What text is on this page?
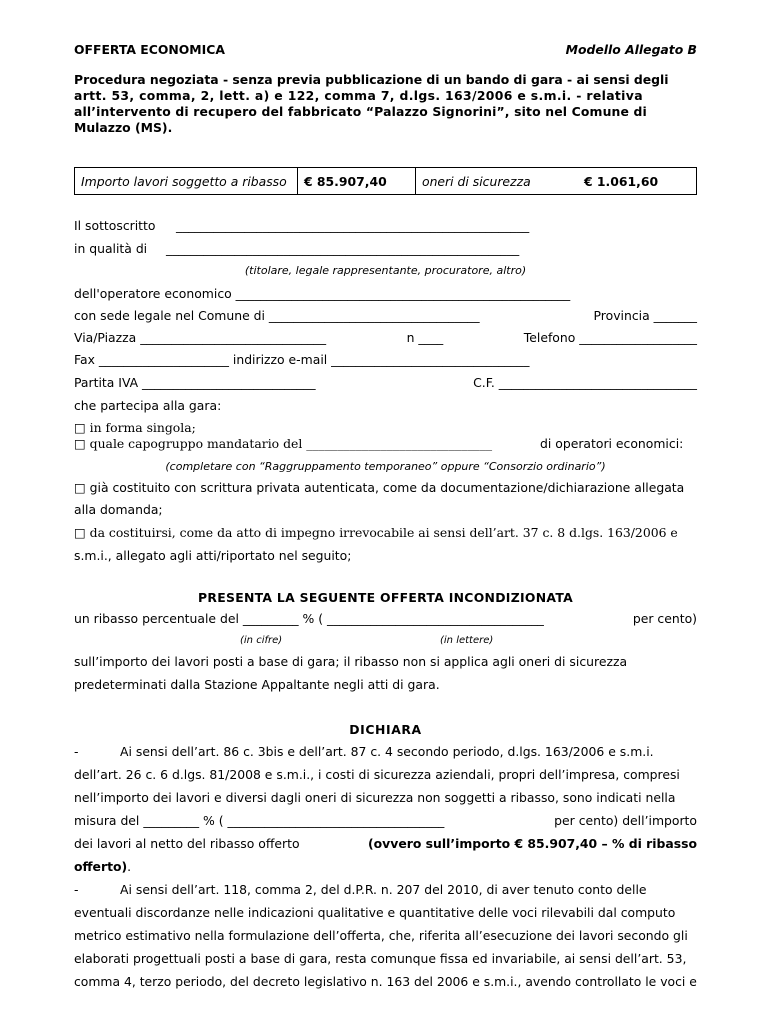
OFFERTA ECONOMICA	Modello Allegato B
Procedura negoziata - senza previa pubblicazione di un bando di gara - ai sensi degli
artt. 53, comma, 2, lett. a) e 122, comma 7, d.lgs. 163/2006 e s.m.i. - relativa
all’intervento di recupero del fabbricato “Palazzo Signorini”, sito nel Comune di
Mulazzo (MS).
Importo lavori soggetto a ribasso	€ 85.907,40	oneri di sicurezza	€ 1.061,60
Il sottoscritto _________________________________________________________
in qualità di _________________________________________________________
(titolare, legale rappresentante, procuratore, altro)
dell'operatore economico ______________________________________________________
con sede legale nel Comune di __________________________________	Provincia _______
Via/Piazza ______________________________	n ____	Telefono ___________________
Fax _____________________ indirizzo e-mail ________________________________
Partita IVA ____________________________	C.F. ________________________________
che partecipa alla gara:
□ in forma singola;
□ quale capogruppo mandatario del ______________________________	di operatori economici:
(completare con “Raggruppamento temporaneo” oppure “Consorzio ordinario”)
□ già costituito con scrittura privata autenticata, come da documentazione/dichiarazione allegata
alla domanda;
□ da costituirsi, come da atto di impegno irrevocabile ai sensi dell’art. 37 c. 8 d.lgs. 163/2006 e
s.m.i., allegato agli atti/riportato nel seguito;
PRESENTA LA SEGUENTE OFFERTA INCONDIZIONATA
un ribasso percentuale del _________ % ( ___________________________________	per cento)
(in cifre)	(in lettere)
sull’importo dei lavori posti a base di gara; il ribasso non si applica agli oneri di sicurezza
predeterminati dalla Stazione Appaltante negli atti di gara.
DICHIARA
-	Ai sensi dell’art. 86 c. 3bis e dell’art. 87 c. 4 secondo periodo, d.lgs. 163/2006 e s.m.i.
dell’art. 26 c. 6 d.lgs. 81/2008 e s.m.i., i costi di sicurezza aziendali, propri dell’impresa, compresi
nell’importo dei lavori e diversi dagli oneri di sicurezza non soggetti a ribasso, sono indicati nella
misura del _________ % ( ___________________________________	per cento) dell’importo
dei lavori al netto del ribasso offerto	(ovvero sull’importo € 85.907,40 – % di ribasso
offerto).
-	Ai sensi dell’art. 118, comma 2, del d.P.R. n. 207 del 2010, di aver tenuto conto delle
eventuali discordanze nelle indicazioni qualitative e quantitative delle voci rilevabili dal computo
metrico estimativo nella formulazione dell’offerta, che, riferita all’esecuzione dei lavori secondo gli
elaborati progettuali posti a base di gara, resta comunque fissa ed invariabile, ai sensi dell’art. 53,
comma 4, terzo periodo, del decreto legislativo n. 163 del 2006 e s.m.i., avendo controllato le voci e
